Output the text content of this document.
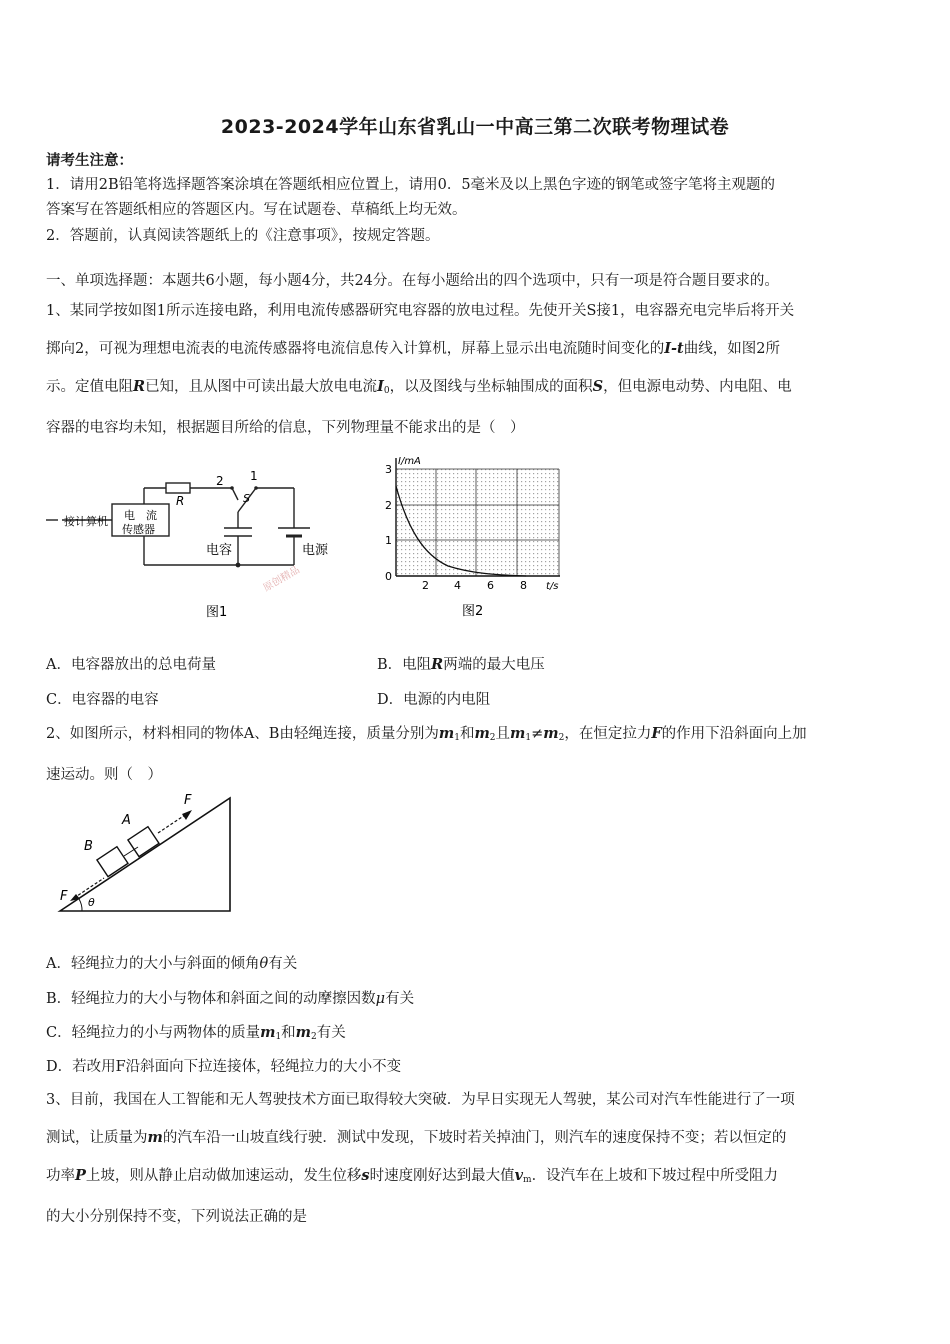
2023-2024学年山东省乳山一中高三第二次联考物理试卷
请考生注意：
1．请用2B铅笔将选择题答案涂填在答题纸相应位置上，请用0．5毫米及以上黑色字迹的钢笔或签字笔将主观题的
答案写在答题纸相应的答题区内。写在试题卷、草稿纸上均无效。
2．答题前，认真阅读答题纸上的《注意事项》，按规定答题。
一、单项选择题：本题共6小题，每小题4分，共24分。在每小题给出的四个选项中，只有一项是符合题目要求的。
1、某同学按如图1所示连接电路，利用电流传感器研究电容器的放电过程。先使开关S接1，电容器充电完毕后将开关
掷向2，可视为理想电流表的电流传感器将电流信息传入计算机，屏幕上显示出电流随时间变化的I-t曲线，如图2所
示。定值电阻R已知，且从图中可读出最大放电电流$I_0$，以及图线与坐标轴围成的面积S，但电源电动势、内电阻、电
容器的电容均未知，根据题目所给的信息，下列物理量不能求出的是（　）
接计算机 电　流
传感器
R
2 1
S
电容	电源
原创精品
图1
I/mA
t/s
3
2
1
0
2 4 6 8
图2
A．电容器放出的总电荷量	B．电阻R两端的最大电压
C．电容器的电容	D．电源的内电阻
2、如图所示，材料相同的物体A、B由轻绳连接，质量分别为$m_1$和$m_2$且$m_1\ne m_2$，在恒定拉力F的作用下沿斜面向上加
速运动。则（　）
A
B
F
F θ
A．轻绳拉力的大小与斜面的倾角θ有关
B．轻绳拉力的大小与物体和斜面之间的动摩擦因数μ有关
C．轻绳拉力的小与两物体的质量$m_1$和$m_2$有关
D．若改用F沿斜面向下拉连接体，轻绳拉力的大小不变
3、目前，我国在人工智能和无人驾驶技术方面已取得较大突破．为早日实现无人驾驶，某公司对汽车性能进行了一项
测试，让质量为m的汽车沿一山坡直线行驶．测试中发现，下坡时若关掉油门，则汽车的速度保持不变；若以恒定的
功率P上坡，则从静止启动做加速运动，发生位移s时速度刚好达到最大值$v_m$．设汽车在上坡和下坡过程中所受阻力
的大小分别保持不变，下列说法正确的是
